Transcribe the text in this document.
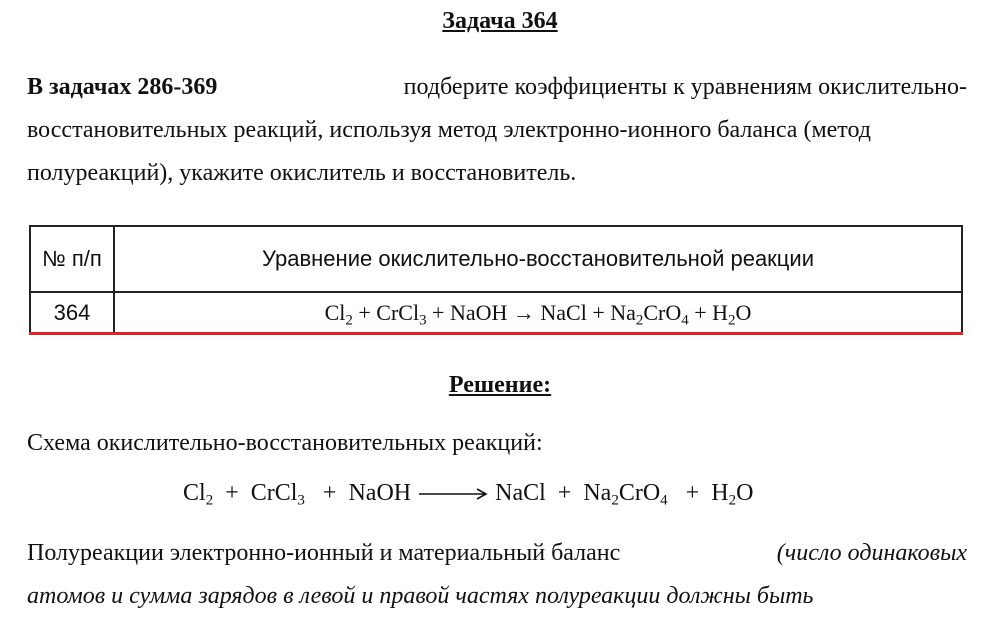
Задача 364
В задачах 286-369	подберите коэффициенты к уравнениям окислительно-
восстановительных реакций, используя метод электронно-ионного баланса (метод
полуреакций), укажите окислитель и восстановитель.
№ п/п	Уравнение окислительно-восстановительной реакции
364	$Cl_2$ + CrCl$_3$ + NaOH → NaCl + $Na_2CrO_4 + H_2O$
Решение:
Схема окислительно-восстановительных реакций:
$Cl_2$  +  CrCl$_3$   +  NaOH → NaCl  +  $Na_2CrO_4 + H_2O$
Полуреакции электронно-ионный и материальный баланс	(число одинаковых
атомов и сумма зарядов в левой и правой частях полуреакции должны быть
